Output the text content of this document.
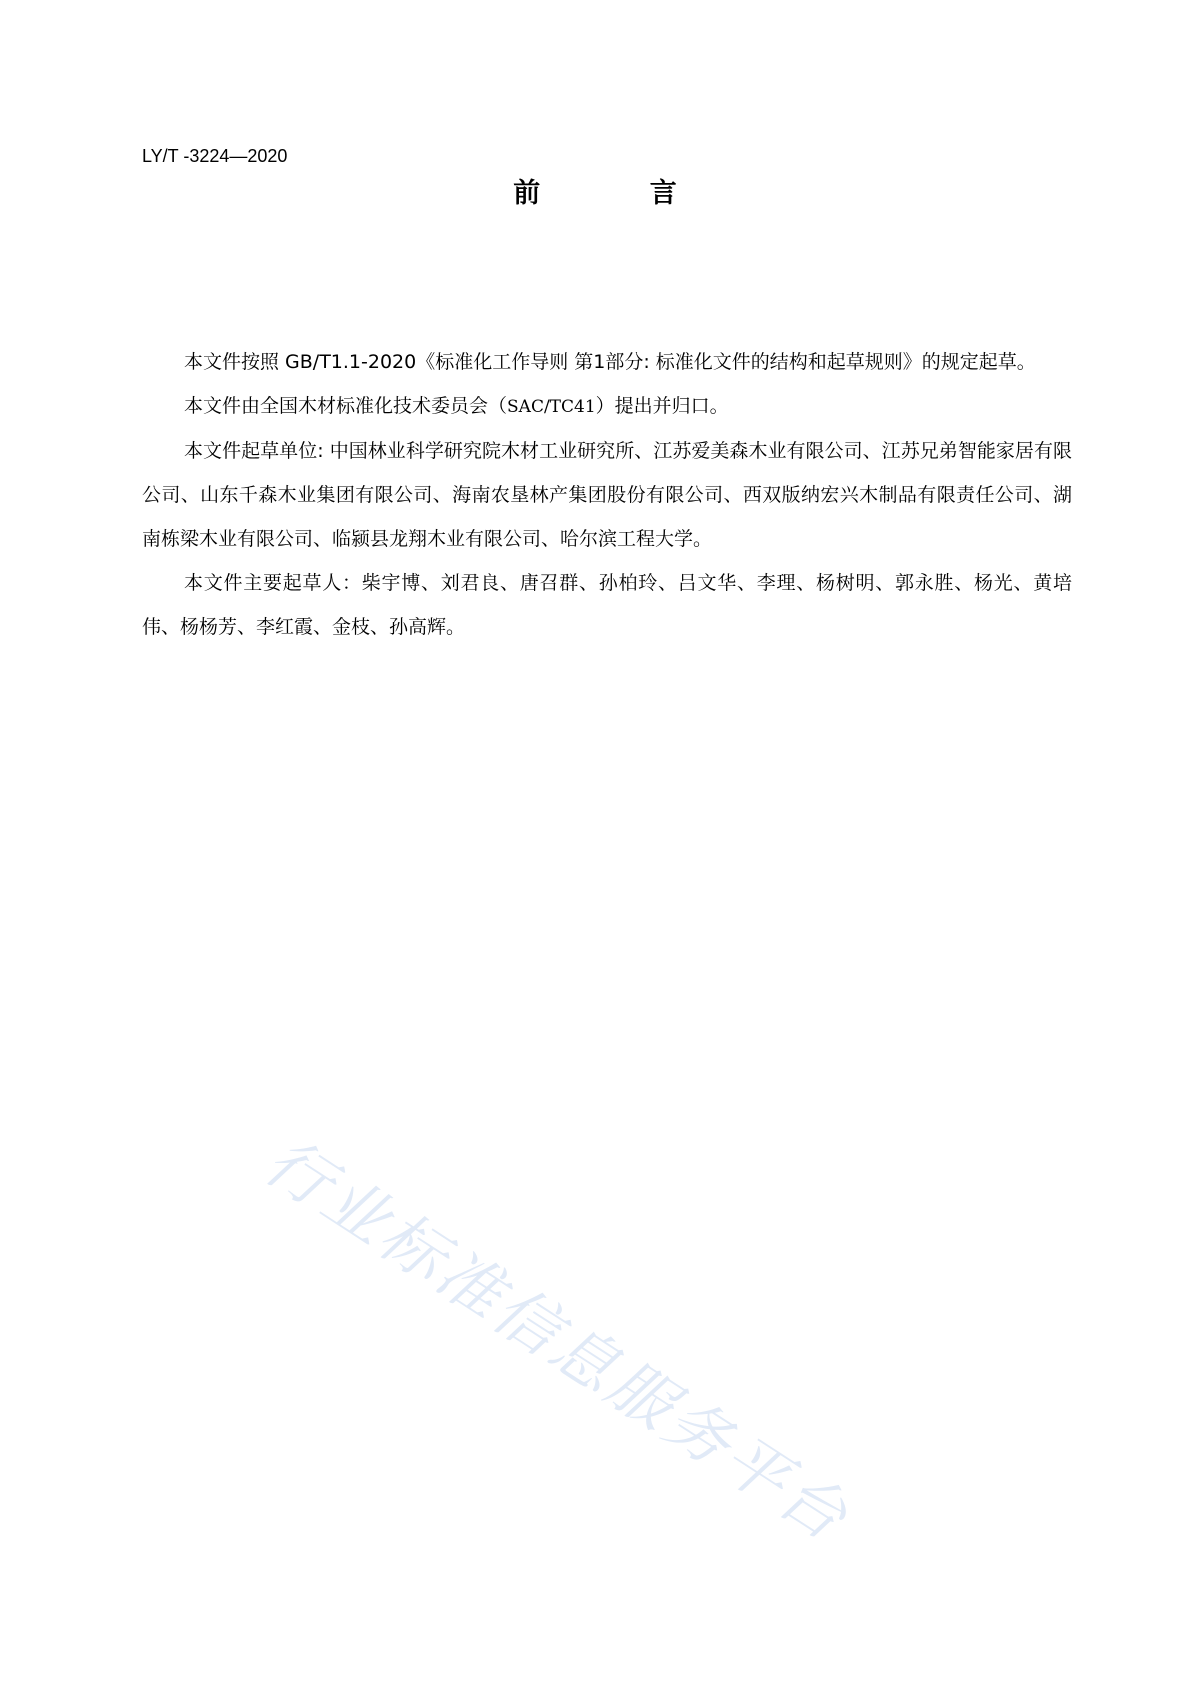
LY/T -3224—2020
前 言

本文件按照 GB/T1.1-2020《标准化工作导则 第1部分: 标准化文件的结构和起草规则》的规定起草。

本文件由全国木材标准化技术委员会（SAC/TC41）提出并归口。

本文件起草单位: 中国林业科学研究院木材工业研究所、江苏爱美森木业有限公司、江苏兄弟智能家居有限公司、山东千森木业集团有限公司、海南农垦林产集团股份有限公司、西双版纳宏兴木制品有限责任公司、湖南栋梁木业有限公司、临颍县龙翔木业有限公司、哈尔滨工程大学。

本文件主要起草人：柴宇博、刘君良、唐召群、孙柏玲、吕文华、李理、杨树明、郭永胜、杨光、黄培伟、杨杨芳、李红霞、金枝、孙高辉。

行业标准信息服务平台
